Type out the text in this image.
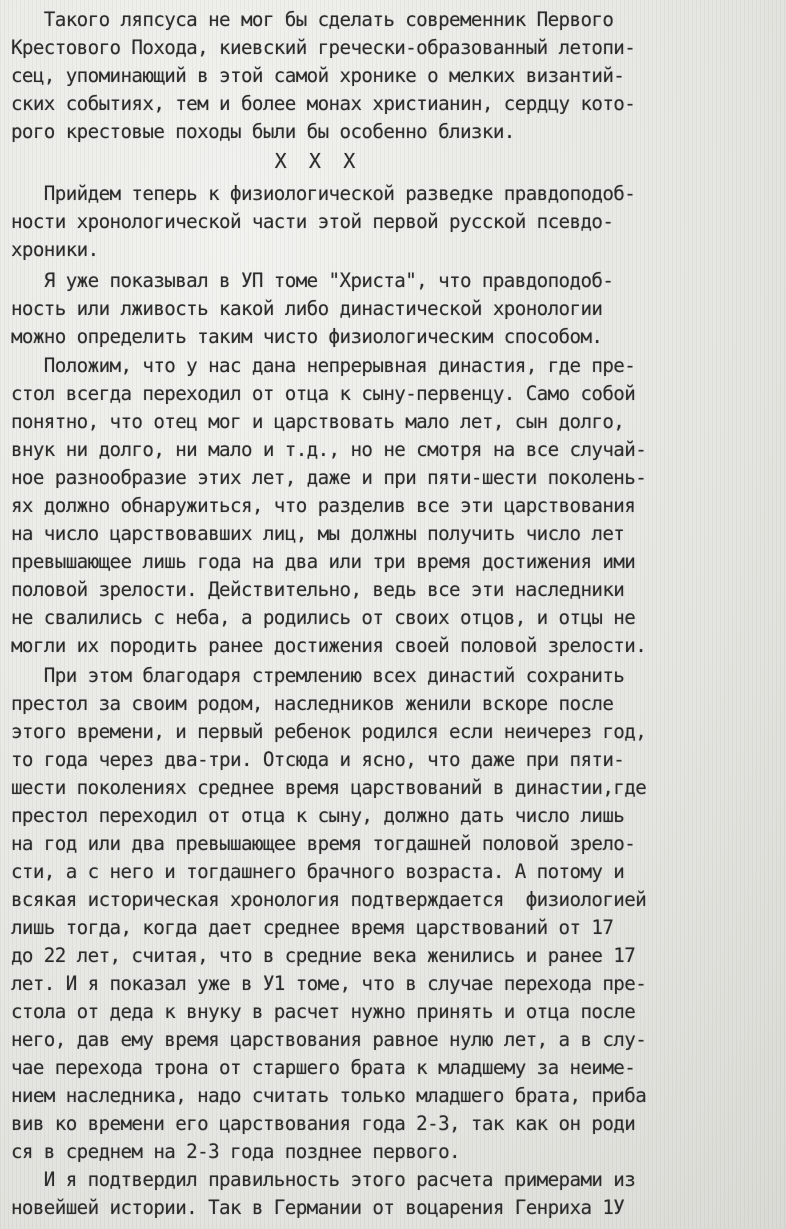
Такого ляпсуса не мог бы сделать современник Первого
Крестового Похода, киевский гречески-образованный летопи-
сец, упоминающий в этой самой хронике о мелких византий-
ских событиях, тем и более монах христианин, сердцу кото-
рого крестовые походы были бы особенно близки.
Х  Х  Х
Прийдем теперь к физиологической разведке правдоподоб-
ности хронологической части этой первой русской псевдо-
хроники.
Я уже показывал в УП томе "Христа", что правдоподоб-
ность или лживость какой либо династической хронологии
можно определить таким чисто физиологическим способом.
Положим, что у нас дана непрерывная династия, где пре-
стол всегда переходил от отца к сыну-первенцу. Само собой
понятно, что отец мог и царствовать мало лет, сын долго,
внук ни долго, ни мало и т.д., но не смотря на все случай-
ное разнообразие этих лет, даже и при пяти-шести поколень-
ях должно обнаружиться, что разделив все эти царствования
на число царствовавших лиц, мы должны получить число лет
превышающее лишь года на два или три время достижения ими
половой зрелости. Действительно, ведь все эти наследники
не свалились с неба, а родились от своих отцов, и отцы не
могли их породить ранее достижения своей половой зрелости.
При этом благодаря стремлению всех династий сохранить
престол за своим родом, наследников женили вскоре после
этого времени, и первый ребенок родился если неичерез год,
то года через два-три. Отсюда и ясно, что даже при пяти-
шести поколениях среднее время царствований в династии,где
престол переходил от отца к сыну, должно дать число лишь
на год или два превышающее время тогдашней половой зрело-
сти, а с него и тогдашнего брачного возраста. А потому и
всякая историческая хронология подтверждается  физиологией
лишь тогда, когда дает среднее время царствований от 17
до 22 лет, считая, что в средние века женились и ранее 17
лет. И я показал уже в У1 томе, что в случае перехода пре-
стола от деда к внуку в расчет нужно принять и отца после
него, дав ему время царствования равное нулю лет, а в слу-
чае перехода трона от старшего брата к младшему за неиме-
нием наследника, надо считать только младшего брата, приба
вив ко времени его царствования года 2-3, так как он роди
ся в среднем на 2-3 года позднее первого.
И я подтвердил правильность этого расчета примерами из
новейшей истории. Так в Германии от воцарения Генриха 1У
